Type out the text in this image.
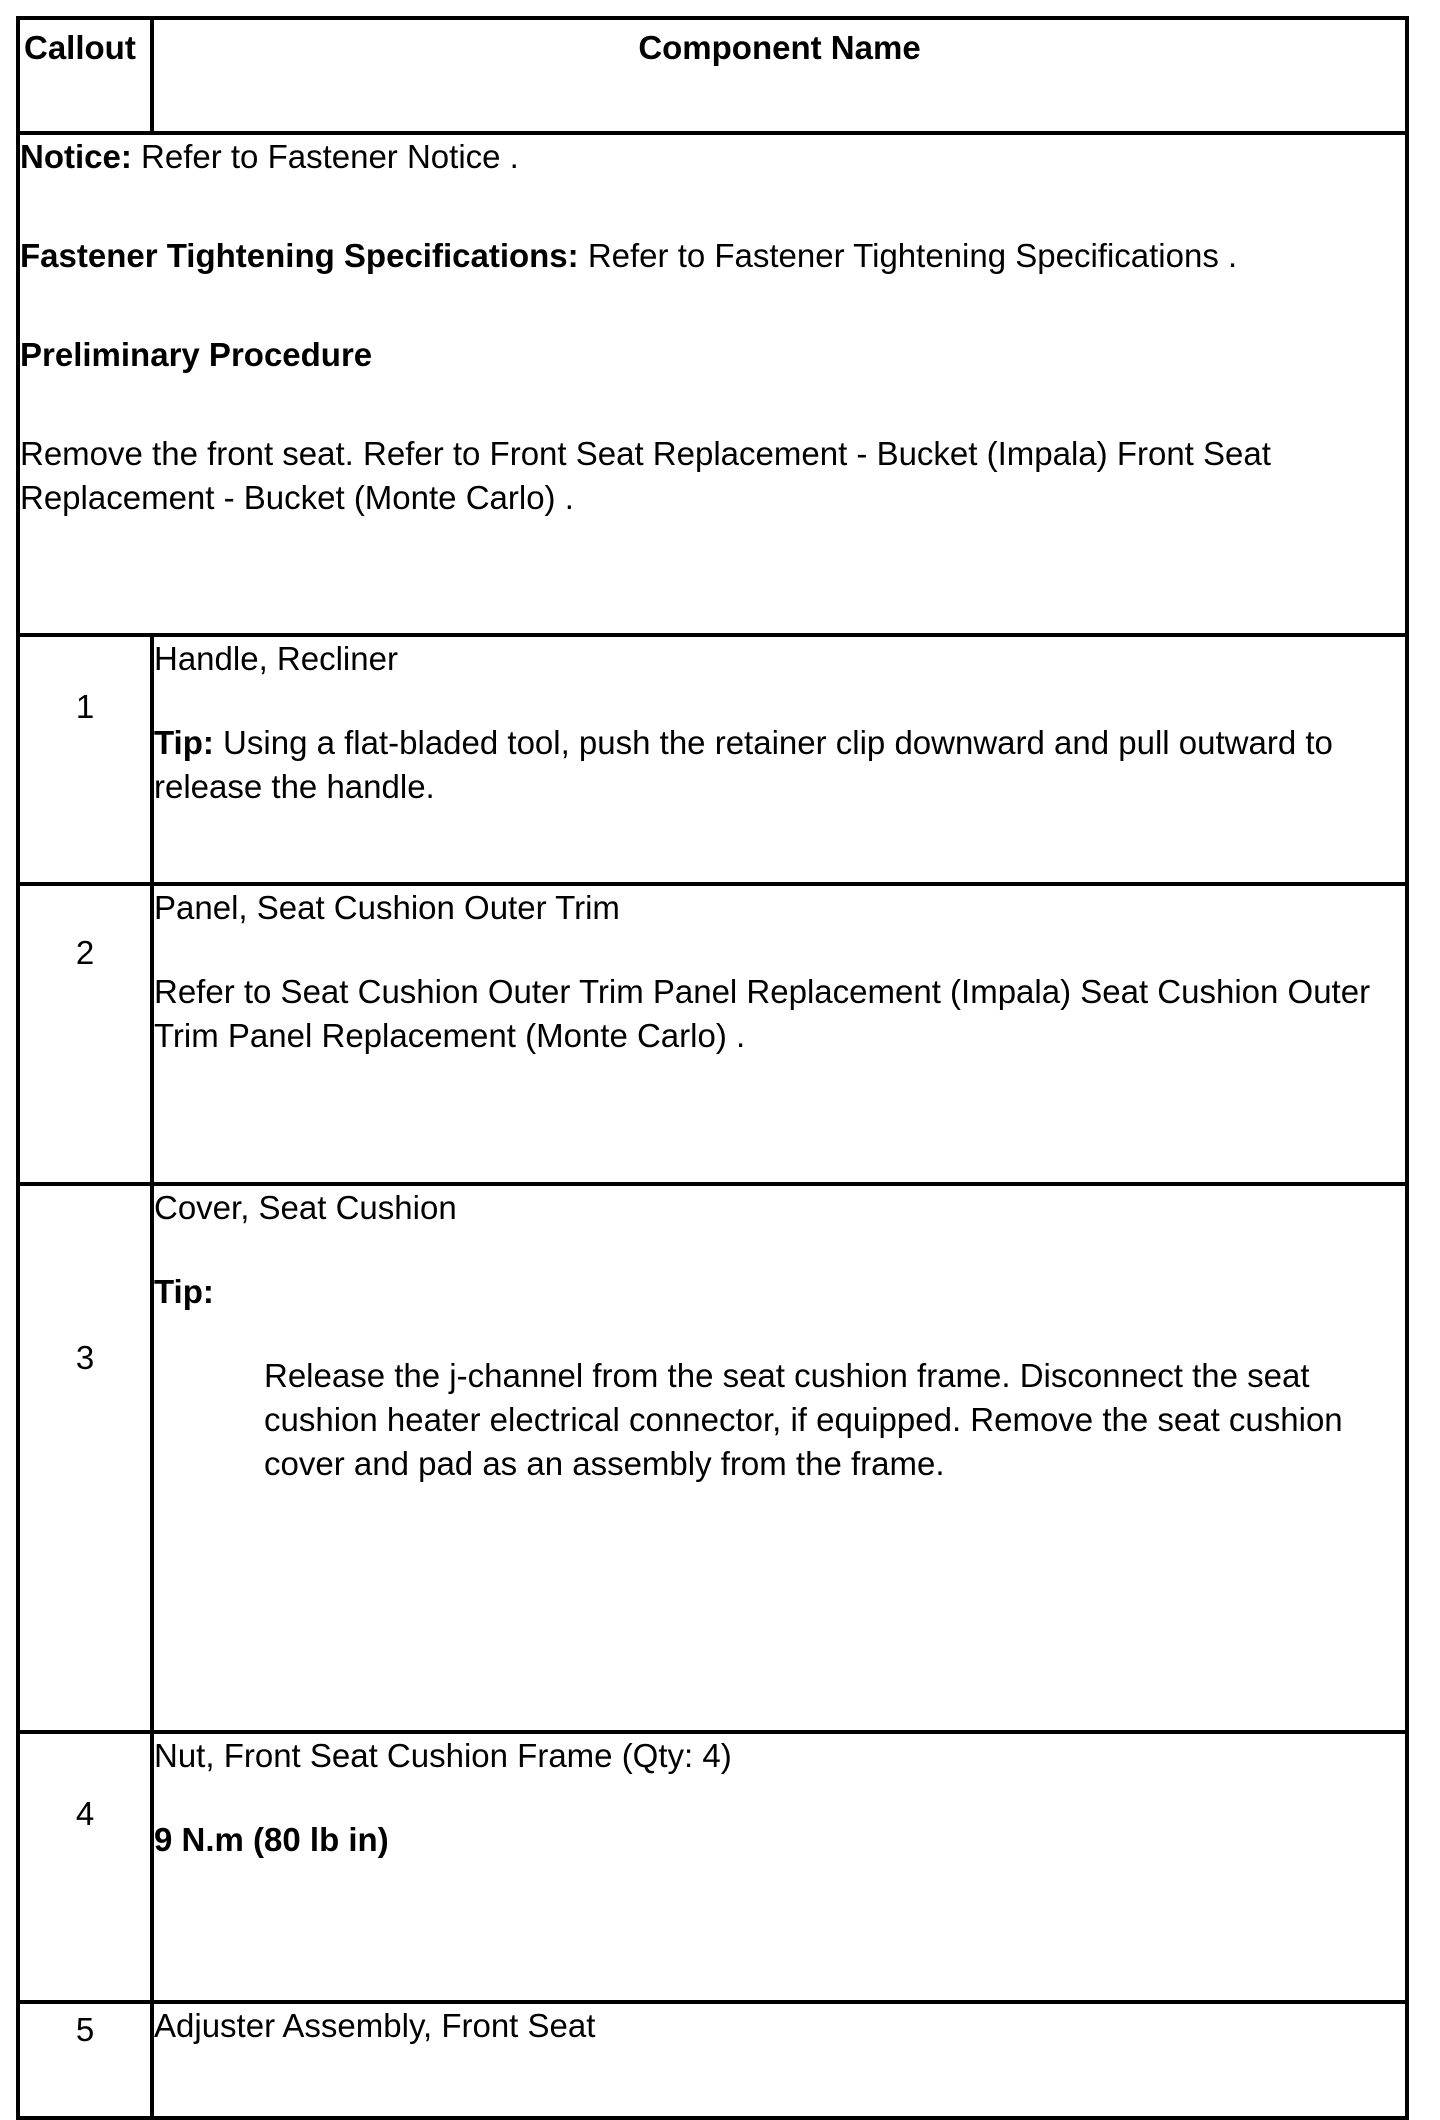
Callout	Component Name

Notice: Refer to Fastener Notice .

Fastener Tightening Specifications: Refer to Fastener Tightening Specifications .

Preliminary Procedure

Remove the front seat. Refer to Front Seat Replacement - Bucket (Impala) Front Seat Replacement - Bucket (Monte Carlo) .	

1	Handle, Recliner

Tip: Using a flat-bladed tool, push the retainer clip downward and pull outward to release the handle.

2	Panel, Seat Cushion Outer Trim

Refer to Seat Cushion Outer Trim Panel Replacement (Impala) Seat Cushion Outer Trim Panel Replacement (Monte Carlo) .

3	Cover, Seat Cushion

Tip:

Release the j-channel from the seat cushion frame. Disconnect the seat cushion heater electrical connector, if equipped. Remove the seat cushion cover and pad as an assembly from the frame.

4	Nut, Front Seat Cushion Frame (Qty: 4)

9 N.m (80 lb in)

5	Adjuster Assembly, Front Seat
